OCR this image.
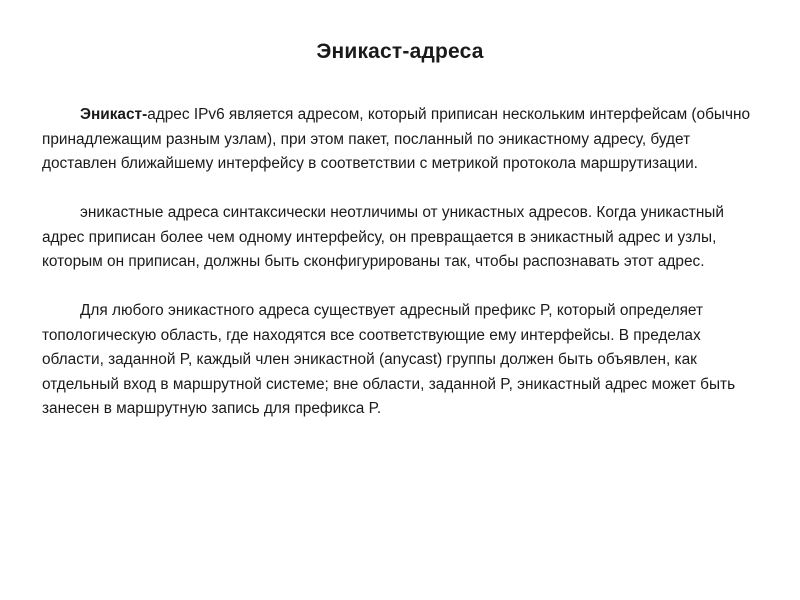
Эникаст-адреса

Эникаст-адрес IPv6 является адресом, который приписан нескольким интерфейсам (обычно принадлежащим разным узлам), при этом пакет, посланный по эникастному адресу, будет доставлен ближайшему интерфейсу в соответствии с метрикой протокола маршрутизации.

эникастные адреса синтаксически неотличимы от уникастных адресов. Когда уникастный адрес приписан более чем одному интерфейсу, он превращается в эникастный адрес и узлы, которым он приписан, должны быть сконфигурированы так, чтобы распознавать этот адрес.

Для любого эникастного адреса существует адресный префикс P, который определяет топологическую область, где находятся все соответствующие ему интерфейсы. В пределах области, заданной P, каждый член эникастной (anycast) группы должен быть объявлен, как отдельный вход в маршрутной системе; вне области, заданной P, эникастный адрес может быть занесен в маршрутную запись для префикса P.
